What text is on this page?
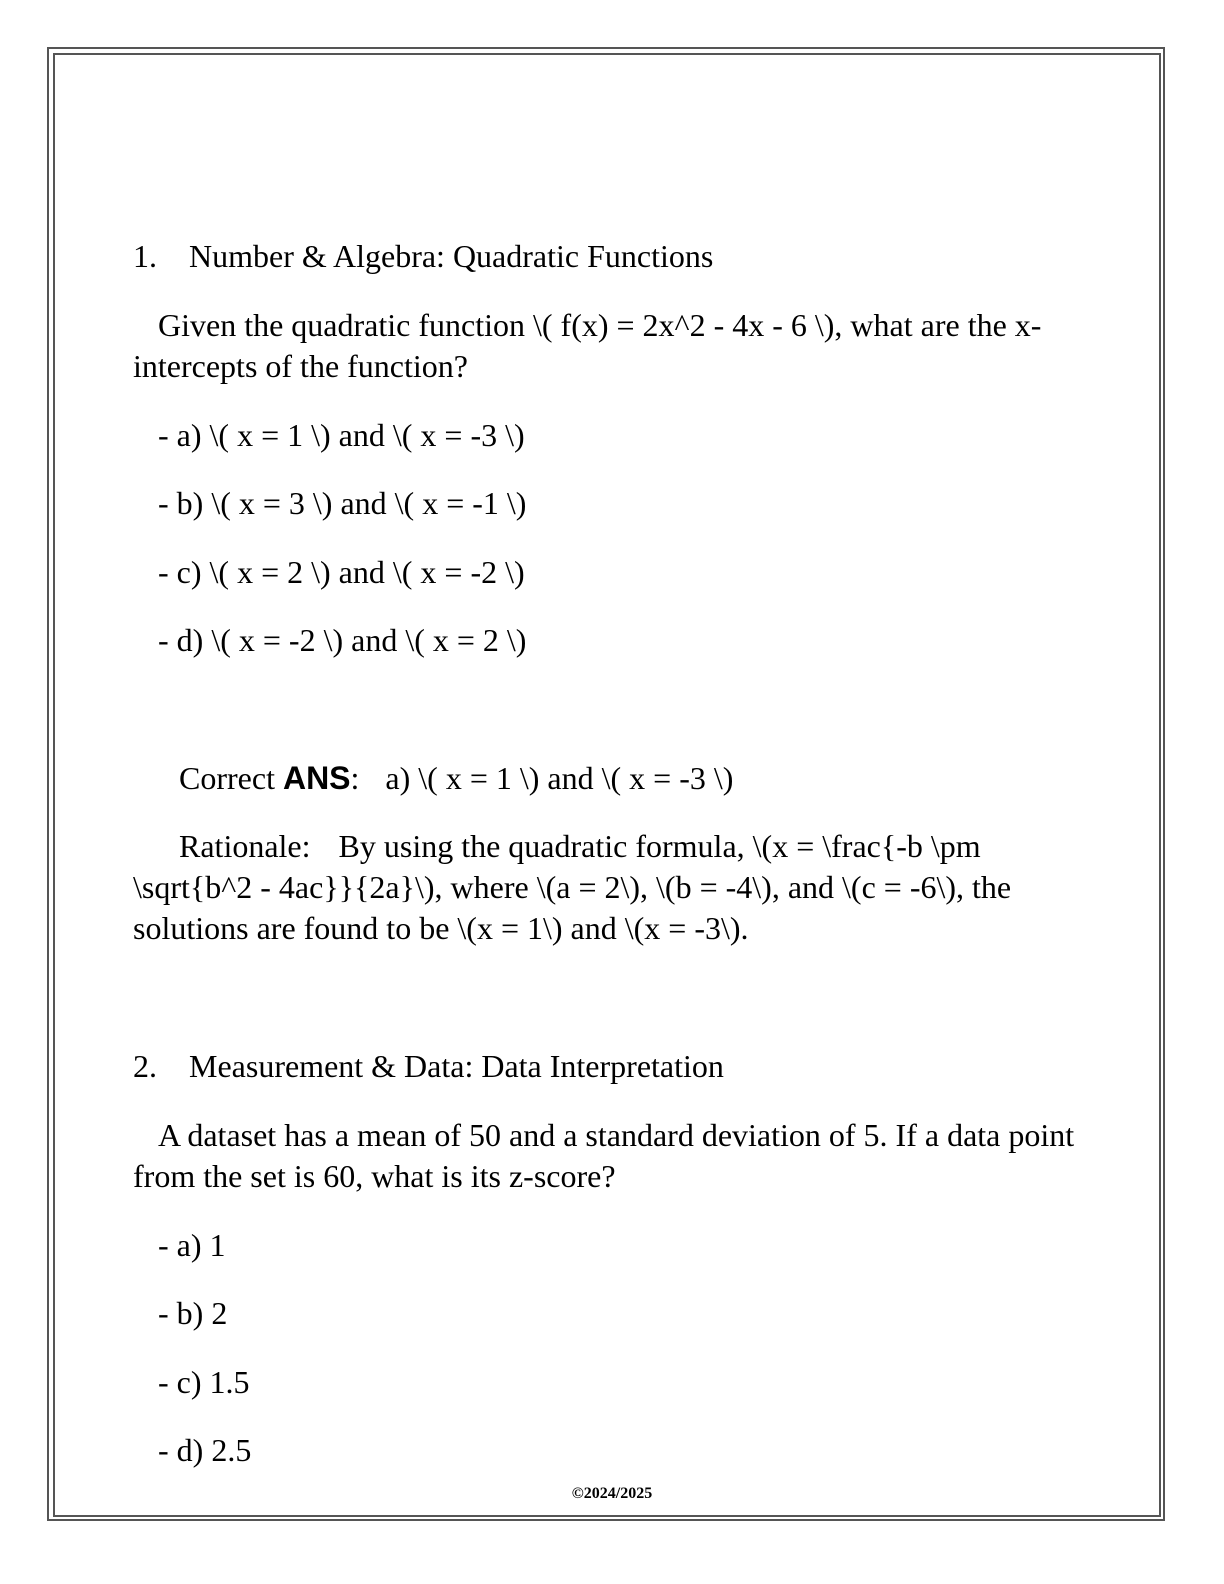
1. Number & Algebra: Quadratic Functions
Given the quadratic function \( f(x) = 2x^2 - 4x - 6 \), what are the x-intercepts of the function?
- a) \( x = 1 \) and \( x = -3 \)
- b) \( x = 3 \) and \( x = -1 \)
- c) \( x = 2 \) and \( x = -2 \)
- d) \( x = -2 \) and \( x = 2 \)
Correct ANS: a) \( x = 1 \) and \( x = -3 \)
Rationale: By using the quadratic formula, \(x = \frac{-b \pm \sqrt{b^2 - 4ac}}{2a}\), where \(a = 2\), \(b = -4\), and \(c = -6\), the solutions are found to be \(x = 1\) and \(x = -3\).
2. Measurement & Data: Data Interpretation
A dataset has a mean of 50 and a standard deviation of 5. If a data point from the set is 60, what is its z-score?
- a) 1
- b) 2
- c) 1.5
- d) 2.5
©2024/2025
